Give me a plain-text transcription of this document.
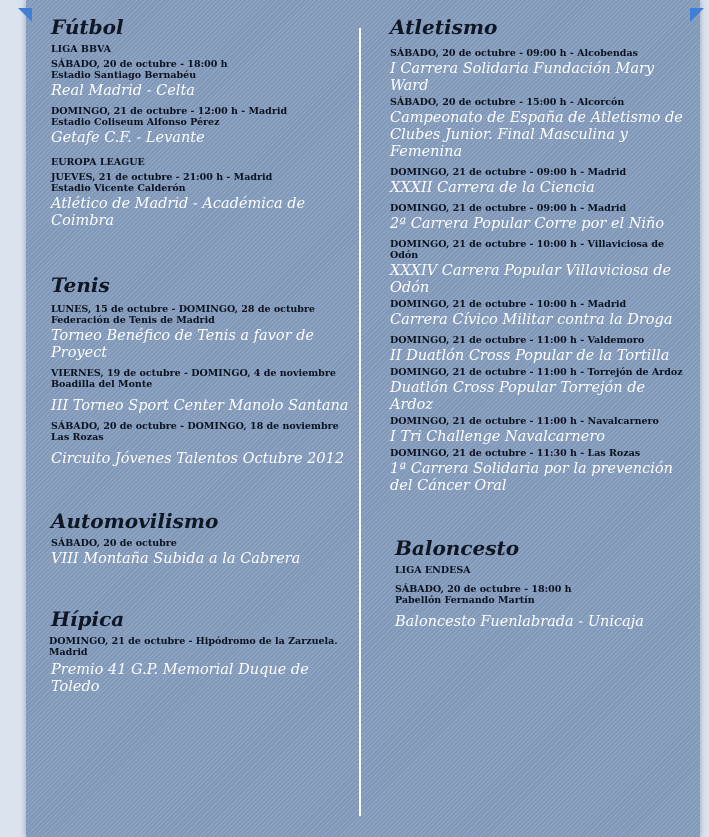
Fútbol
LIGA BBVA
SÁBADO, 20 de octubre - 18:00 h
Estadio Santiago Bernabéu
Real Madrid - Celta
DOMINGO, 21 de octubre - 12:00 h - Madrid
Estadio Coliseum Alfonso Pérez
Getafe C.F. - Levante
EUROPA LEAGUE
JUEVES, 21 de octubre - 21:00 h - Madrid
Estadio Vicente Calderón
Atlético de Madrid - Académica de Coimbra
Tenis
LUNES, 15 de octubre - DOMINGO, 28 de octubre
Federación de Tenis de Madrid
Torneo Benéfico de Tenis a favor de Proyect
VIERNES, 19 de octubre - DOMINGO, 4 de noviembre
Boadilla del Monte
III Torneo Sport Center Manolo Santana
SÁBADO, 20 de octubre - DOMINGO, 18 de noviembre
Las Rozas
Circuito Jóvenes Talentos Octubre 2012
Automovilismo
SÁBADO, 20 de octubre
VIII Montaña Subida a la Cabrera
Hípica
DOMINGO, 21 de octubre - Hipódromo de la Zarzuela. Madrid
Premio 41 G.P. Memorial Duque de Toledo
Atletismo
SÁBADO, 20 de octubre - 09:00 h - Alcobendas
I Carrera Solidaria Fundación Mary Ward
SÁBADO, 20 de octubre - 15:00 h - Alcorcón
Campeonato de España de Atletismo de Clubes Junior. Final Masculina y Femenina
DOMINGO, 21 de octubre - 09:00 h - Madrid
XXXII Carrera de la Ciencia
DOMINGO, 21 de octubre - 09:00 h - Madrid
2ª Carrera Popular Corre por el Niño
DOMINGO, 21 de octubre - 10:00 h - Villaviciosa de Odón
XXXIV Carrera Popular Villaviciosa de Odón
DOMINGO, 21 de octubre - 10:00 h - Madrid
Carrera Cívico Militar contra la Droga
DOMINGO, 21 de octubre - 11:00 h - Valdemoro
II Duatlón Cross Popular de la Tortilla
DOMINGO, 21 de octubre - 11:00 h - Torrejón de Ardoz
Duatlón Cross Popular Torrejón de Ardoz
DOMINGO, 21 de octubre - 11:00 h - Navalcarnero
I Tri Challenge Navalcarnero
DOMINGO, 21 de octubre - 11:30 h - Las Rozas
1ª Carrera Solidaria por la prevención del Cáncer Oral
Baloncesto
LIGA ENDESA
SÁBADO, 20 de octubre - 18:00 h
Pabellón Fernando Martín
Baloncesto Fuenlabrada - Unicaja
